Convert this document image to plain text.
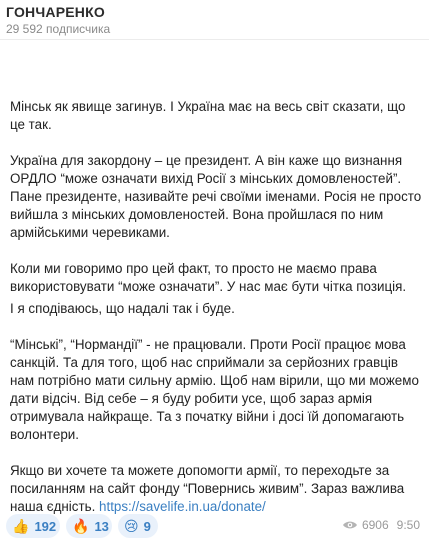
ГОНЧАРЕНКО
29 592 подписчика

Мінськ як явище загинув. І Україна має на весь світ сказати, що це так.

Україна для закордону – це президент. А він каже що визнання ОРДЛО “може означати вихід Росії з мінських домовленостей”. Пане президенте, називайте речі своїми іменами. Росія не просто вийшла з мінських домовленостей. Вона пройшлася по ним армійськими черевиками.

Коли ми говоримо про цей факт, то просто не маємо права використовувати “може означати”. У нас має бути чітка позиція.

І я сподіваюсь, що надалі так і буде.

“Мінські”, “Нормандії” - не працювали. Проти Росії працює мова санкцій. Та для того, щоб нас сприймали за серйозних гравців нам потрібно мати сильну армію. Щоб нам вірили, що ми можемо дати відсіч. Від себе – я буду робити усе, щоб зараз армія отримувала найкраще. Та з початку війни і досі їй допомагають волонтери.

Якщо ви хочете та можете допомогти армії, то переходьте за посиланням на сайт фонду “Повернись живим”. Зараз важлива наша єдність. https://savelife.in.ua/donate/

👍 192 🔥 13 😢 9	6906 9:50
